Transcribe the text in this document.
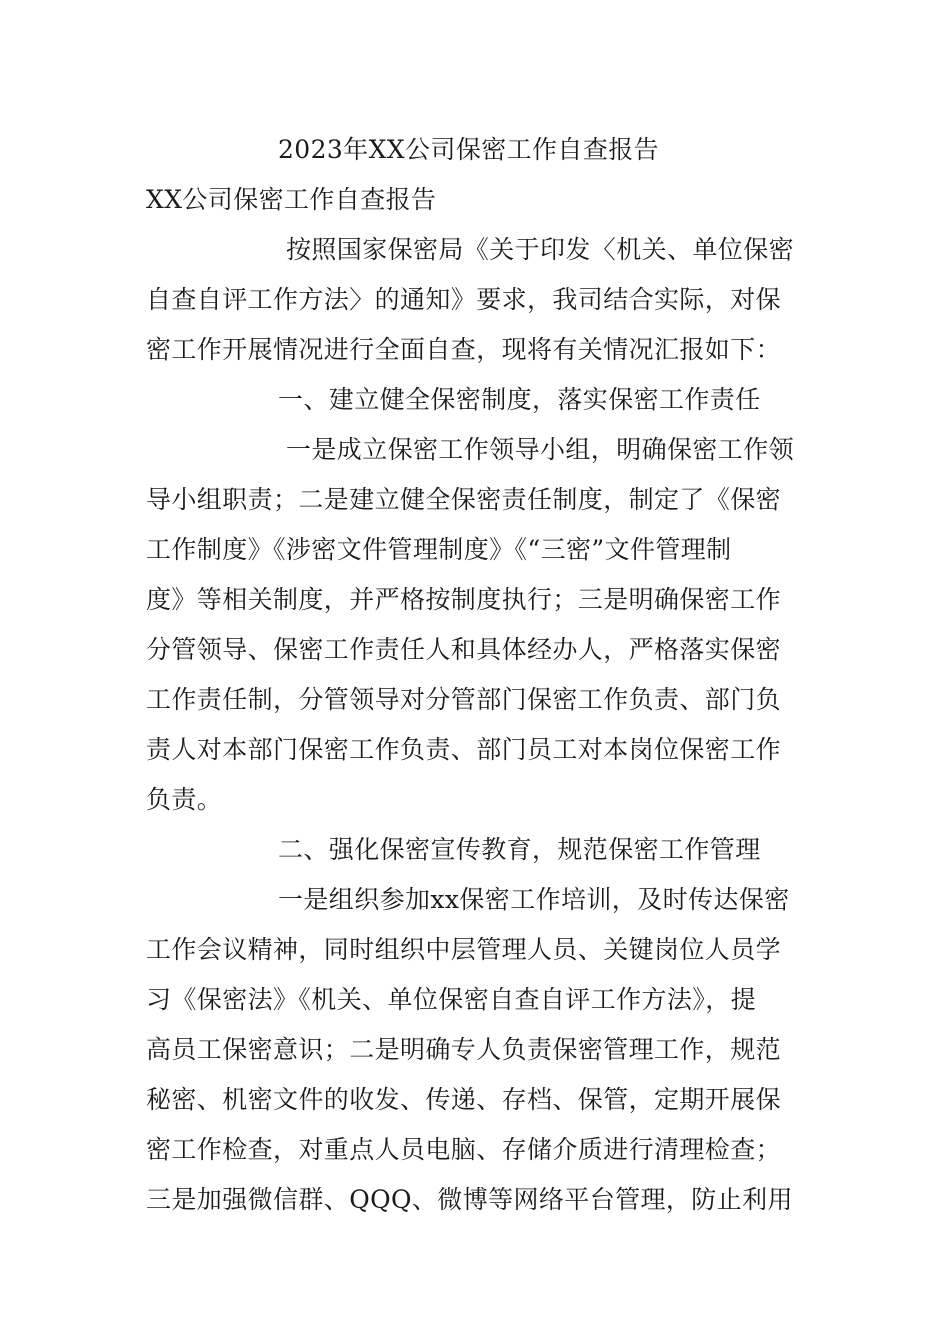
2023年XX公司保密工作自查报告
XX公司保密工作自查报告
按照国家保密局《关于印发〈机关、单位保密
自查自评工作方法〉的通知》要求，我司结合实际，对保
密工作开展情况进行全面自查，现将有关情况汇报如下：
一、建立健全保密制度，落实保密工作责任
一是成立保密工作领导小组，明确保密工作领
导小组职责；二是建立健全保密责任制度，制定了《保密
工作制度》《涉密文件管理制度》《“三密”文件管理制
度》等相关制度，并严格按制度执行；三是明确保密工作
分管领导、保密工作责任人和具体经办人，严格落实保密
工作责任制，分管领导对分管部门保密工作负责、部门负
责人对本部门保密工作负责、部门员工对本岗位保密工作
负责。
二、强化保密宣传教育，规范保密工作管理
一是组织参加xx保密工作培训，及时传达保密
工作会议精神，同时组织中层管理人员、关键岗位人员学
习《保密法》《机关、单位保密自查自评工作方法》，提
高员工保密意识；二是明确专人负责保密管理工作，规范
秘密、机密文件的收发、传递、存档、保管，定期开展保
密工作检查，对重点人员电脑、存储介质进行清理检查；
三是加强微信群、QQQ、微博等网络平台管理，防止利用
